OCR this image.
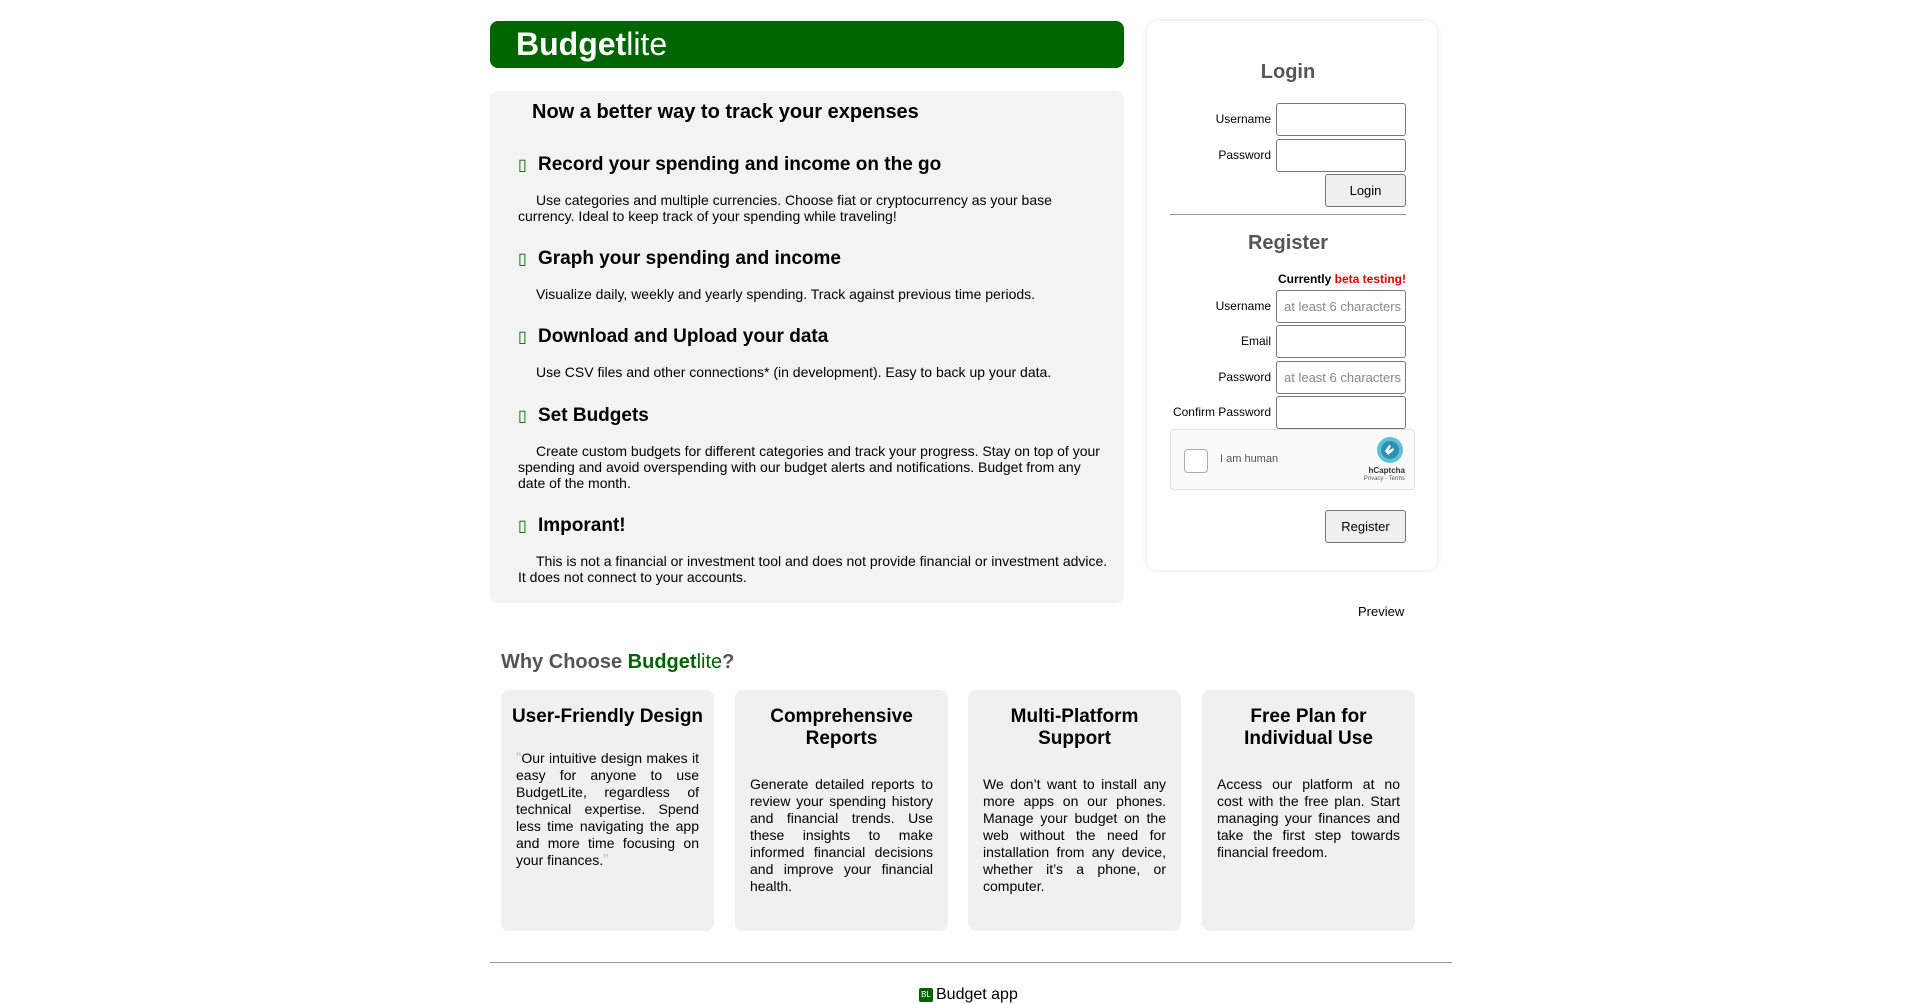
Budgetlite
Now a better way to track your expenses
▯ Record your spending and income on the go
Use categories and multiple currencies. Choose fiat or cryptocurrency as your base currency. Ideal to keep track of your spending while traveling!
▯ Graph your spending and income
Visualize daily, weekly and yearly spending. Track against previous time periods.
▯ Download and Upload your data
Use CSV files and other connections* (in development). Easy to back up your data.
▯ Set Budgets
Create custom budgets for different categories and track your progress. Stay on top of your spending and avoid overspending with our budget alerts and notifications. Budget from any date of the month.
▯ Imporant!
This is not a financial or investment tool and does not provide financial or investment advice. It does not connect to your accounts.
Login
Username
Password
Login
Register
Currently beta testing!
Username	at least 6 characters
Email
Password	at least 6 characters
Confirm Password
I am human
hCaptcha
Privacy - Terms
Register
Preview
Why Choose Budgetlite?
User-Friendly Design
“Our intuitive design makes it easy for anyone to use BudgetLite, regardless of technical expertise. Spend less time navigating the app and more time focusing on your finances.”
Comprehensive Reports
Generate detailed reports to review your spending history and financial trends. Use these insights to make informed financial decisions and improve your financial health.
Multi-Platform Support
We don’t want to install any more apps on our phones. Manage your budget on the web without the need for installation from any device, whether it’s a phone, or computer.
Free Plan for Individual Use
Access our platform at no cost with the free plan. Start managing your finances and take the first step towards financial freedom.
BL Budget app
